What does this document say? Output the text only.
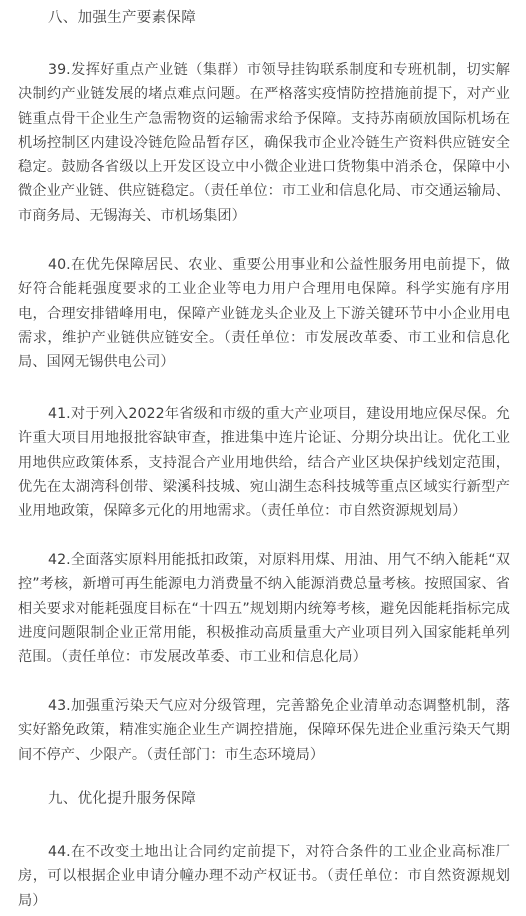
八、加强生产要素保障

39.发挥好重点产业链（集群）市领导挂钩联系制度和专班机制，切实解决制约产业链发展的堵点难点问题。在严格落实疫情防控措施前提下，对产业链重点骨干企业生产急需物资的运输需求给予保障。支持苏南硕放国际机场在机场控制区内建设冷链危险品暂存区，确保我市企业冷链生产资料供应链安全稳定。鼓励各省级以上开发区设立中小微企业进口货物集中消杀仓，保障中小微企业产业链、供应链稳定。（责任单位：市工业和信息化局、市交通运输局、市商务局、无锡海关、市机场集团）

40.在优先保障居民、农业、重要公用事业和公益性服务用电前提下，做好符合能耗强度要求的工业企业等电力用户合理用电保障。科学实施有序用电，合理安排错峰用电，保障产业链龙头企业及上下游关键环节中小企业用电需求，维护产业链供应链安全。（责任单位：市发展改革委、市工业和信息化局、国网无锡供电公司）

41.对于列入2022年省级和市级的重大产业项目，建设用地应保尽保。允许重大项目用地报批容缺审查，推进集中连片论证、分期分块出让。优化工业用地供应政策体系，支持混合产业用地供给，结合产业区块保护线划定范围，优先在太湖湾科创带、梁溪科技城、宛山湖生态科技城等重点区域实行新型产业用地政策，保障多元化的用地需求。（责任单位：市自然资源规划局）

42.全面落实原料用能抵扣政策，对原料用煤、用油、用气不纳入能耗“双控”考核，新增可再生能源电力消费量不纳入能源消费总量考核。按照国家、省相关要求对能耗强度目标在“十四五”规划期内统筹考核，避免因能耗指标完成进度问题限制企业正常用能，积极推动高质量重大产业项目列入国家能耗单列范围。（责任单位：市发展改革委、市工业和信息化局）

43.加强重污染天气应对分级管理，完善豁免企业清单动态调整机制，落实好豁免政策，精准实施企业生产调控措施，保障环保先进企业重污染天气期间不停产、少限产。（责任部门：市生态环境局）

九、优化提升服务保障

44.在不改变土地出让合同约定前提下，对符合条件的工业企业高标准厂房，可以根据企业申请分幢办理不动产权证书。（责任单位：市自然资源规划局）
